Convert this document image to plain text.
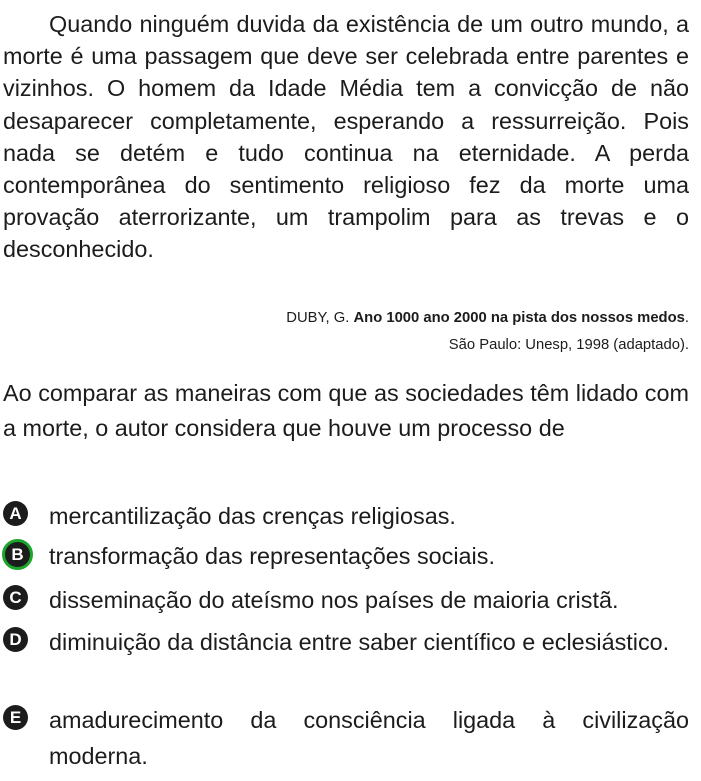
Quando ninguém duvida da existência de um outro mundo, a morte é uma passagem que deve ser celebrada entre parentes e vizinhos. O homem da Idade Média tem a convicção de não desaparecer completamente, esperando a ressurreição. Pois nada se detém e tudo continua na eternidade. A perda contemporânea do sentimento religioso fez da morte uma provação aterrorizante, um trampolim para as trevas e o desconhecido.

DUBY, G. Ano 1000 ano 2000 na pista dos nossos medos.

São Paulo: Unesp, 1998 (adaptado).

Ao comparar as maneiras com que as sociedades têm lidado com a morte, o autor considera que houve um processo de

A mercantilização das crenças religiosas.
B	transformação das representações sociais.
C disseminação do ateísmo nos países de maioria cristã.
D diminuição da distância entre saber científico e eclesiástico.
E amadurecimento da consciência ligada à civilização moderna.
